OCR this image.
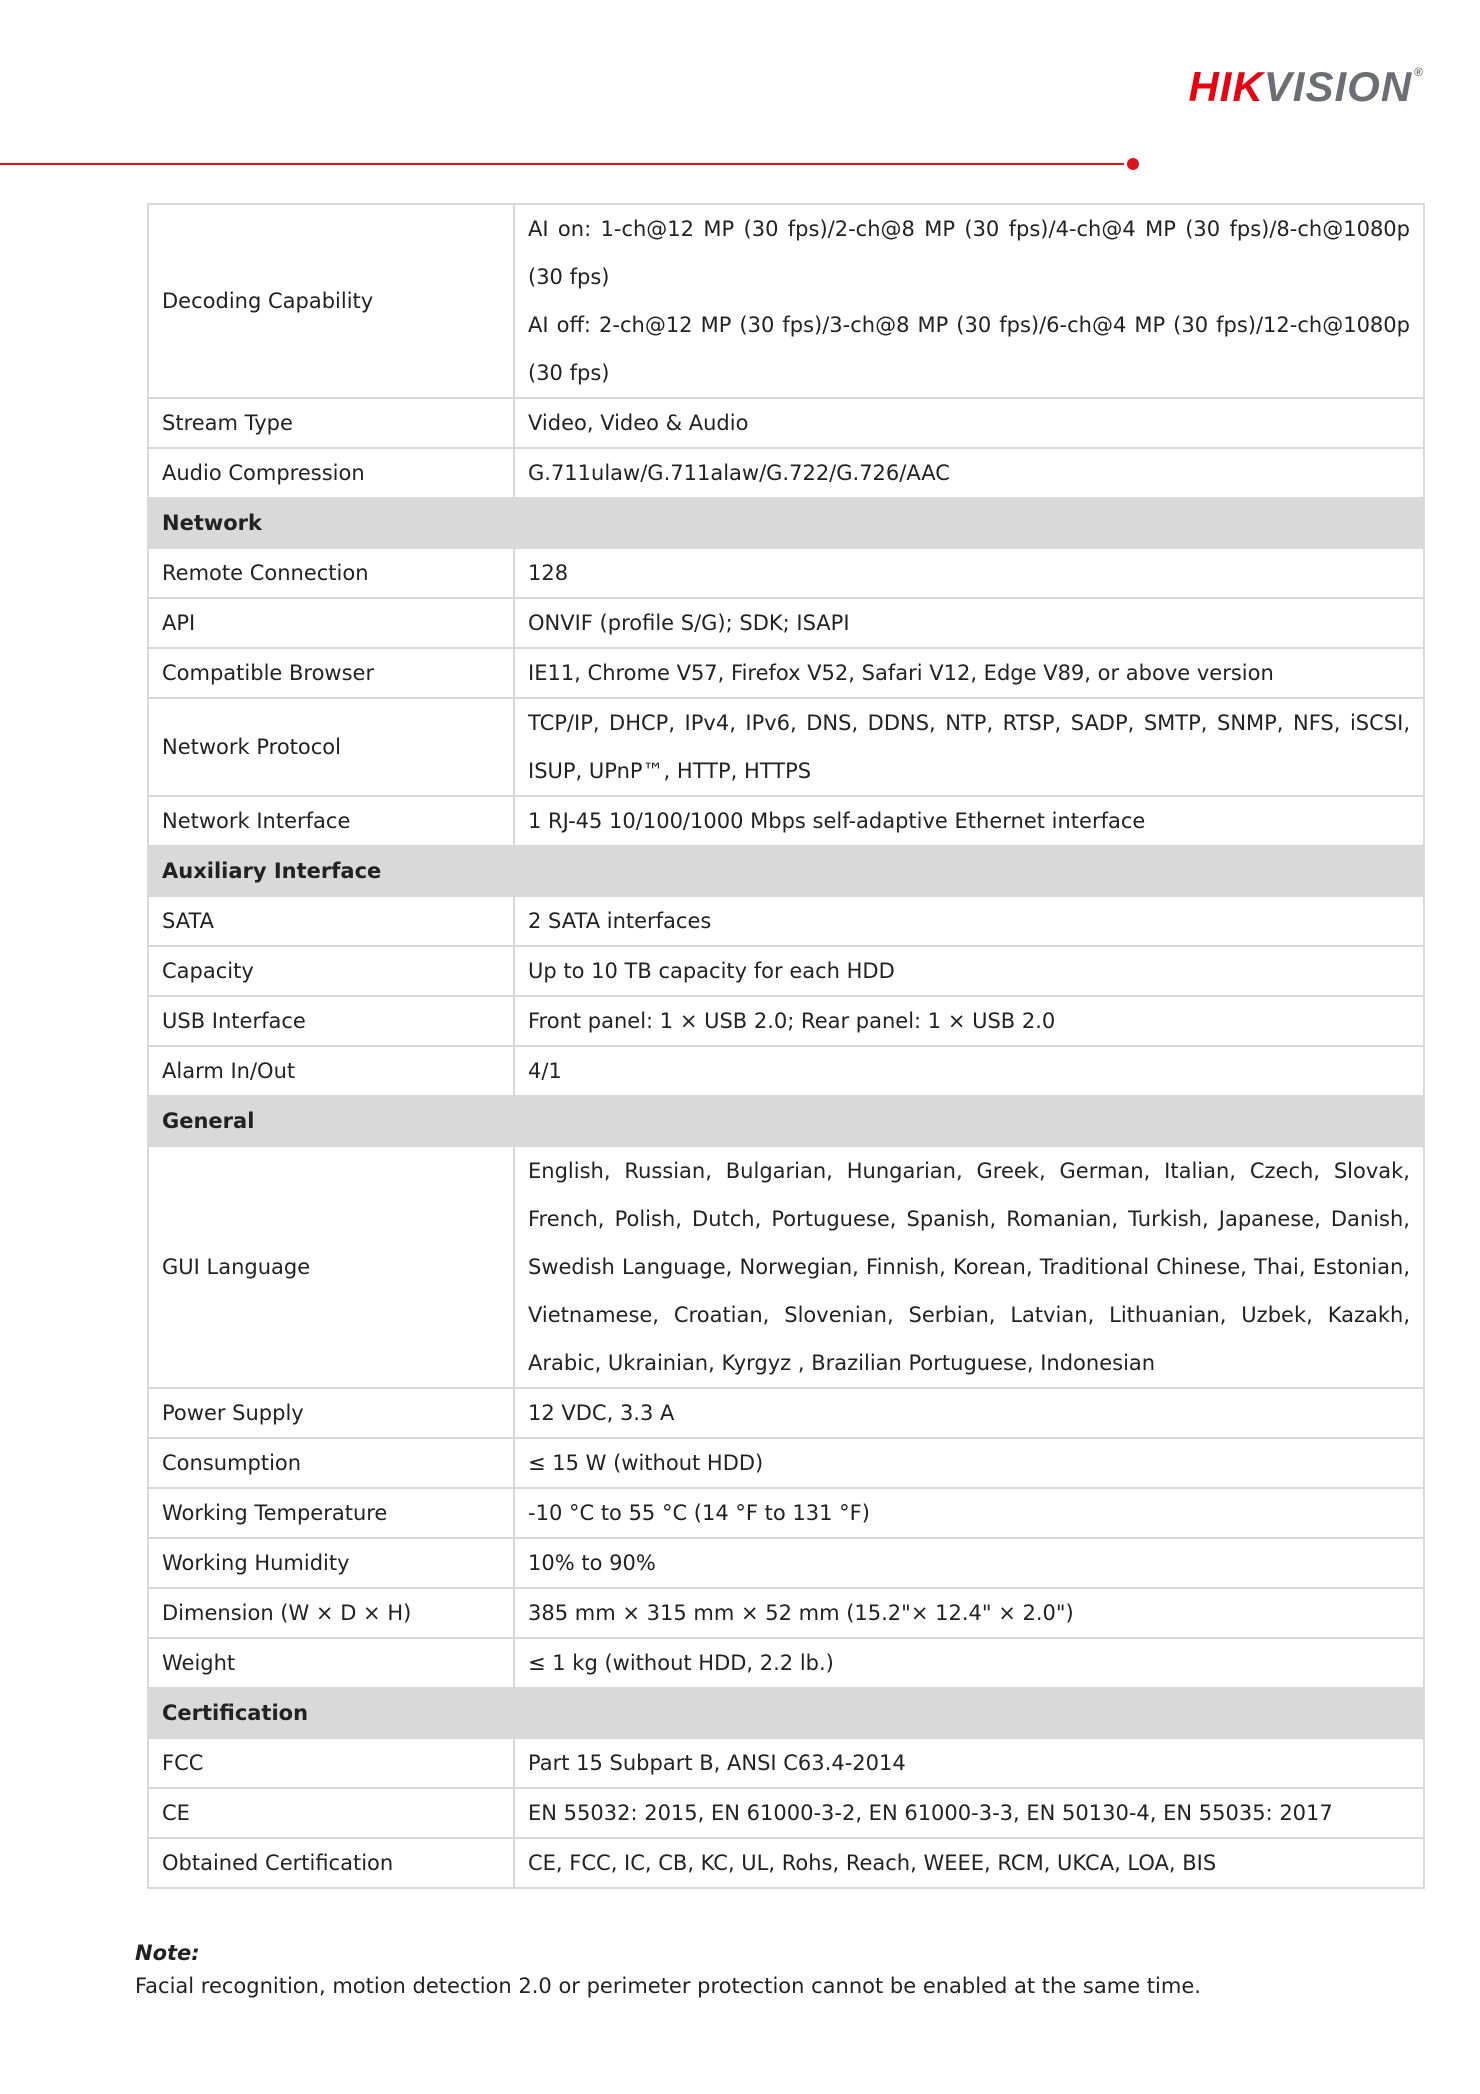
HIKVISION ®
Decoding Capability	AI on: 1-ch@12 MP (30 fps)/2-ch@8 MP (30 fps)/4-ch@4 MP (30 fps)/8-ch@1080p (30 fps)
AI off: 2-ch@12 MP (30 fps)/3-ch@8 MP (30 fps)/6-ch@4 MP (30 fps)/12-ch@1080p (30 fps)

Stream Type	Video, Video & Audio

Audio Compression	G.711ulaw/G.711alaw/G.722/G.726/AAC

Network	
Remote Connection	128

API	ONVIF (profile S/G); SDK; ISAPI

Compatible Browser	IE11, Chrome V57, Firefox V52, Safari V12, Edge V89, or above version

Network Protocol	TCP/IP, DHCP, IPv4, IPv6, DNS, DDNS, NTP, RTSP, SADP, SMTP, SNMP, NFS, iSCSI, ISUP, UPnP™, HTTP, HTTPS

Network Interface	1 RJ-45 10/100/1000 Mbps self-adaptive Ethernet interface

Auxiliary Interface	
SATA	2 SATA interfaces

Capacity	Up to 10 TB capacity for each HDD

USB Interface	Front panel: 1 × USB 2.0; Rear panel: 1 × USB 2.0

Alarm In/Out	4/1

General	
GUI Language	English, Russian, Bulgarian, Hungarian, Greek, German, Italian, Czech, Slovak, French, Polish, Dutch, Portuguese, Spanish, Romanian, Turkish, Japanese, Danish, Swedish Language, Norwegian, Finnish, Korean, Traditional Chinese, Thai, Estonian, Vietnamese, Croatian, Slovenian, Serbian, Latvian, Lithuanian, Uzbek, Kazakh, Arabic, Ukrainian, Kyrgyz , Brazilian Portuguese, Indonesian

Power Supply	12 VDC, 3.3 A

Consumption	≤ 15 W (without HDD)

Working Temperature	-10 °C to 55 °C (14 °F to 131 °F)

Working Humidity	10% to 90%

Dimension (W × D × H)	385 mm × 315 mm × 52 mm (15.2"× 12.4" × 2.0")

Weight	≤ 1 kg (without HDD, 2.2 lb.)

Certification	
FCC	Part 15 Subpart B, ANSI C63.4-2014

CE	EN 55032: 2015, EN 61000-3-2, EN 61000-3-3, EN 50130-4, EN 55035: 2017

Obtained Certification	CE, FCC, IC, CB, KC, UL, Rohs, Reach, WEEE, RCM, UKCA, LOA, BIS
Note:
Facial recognition, motion detection 2.0 or perimeter protection cannot be enabled at the same time.
